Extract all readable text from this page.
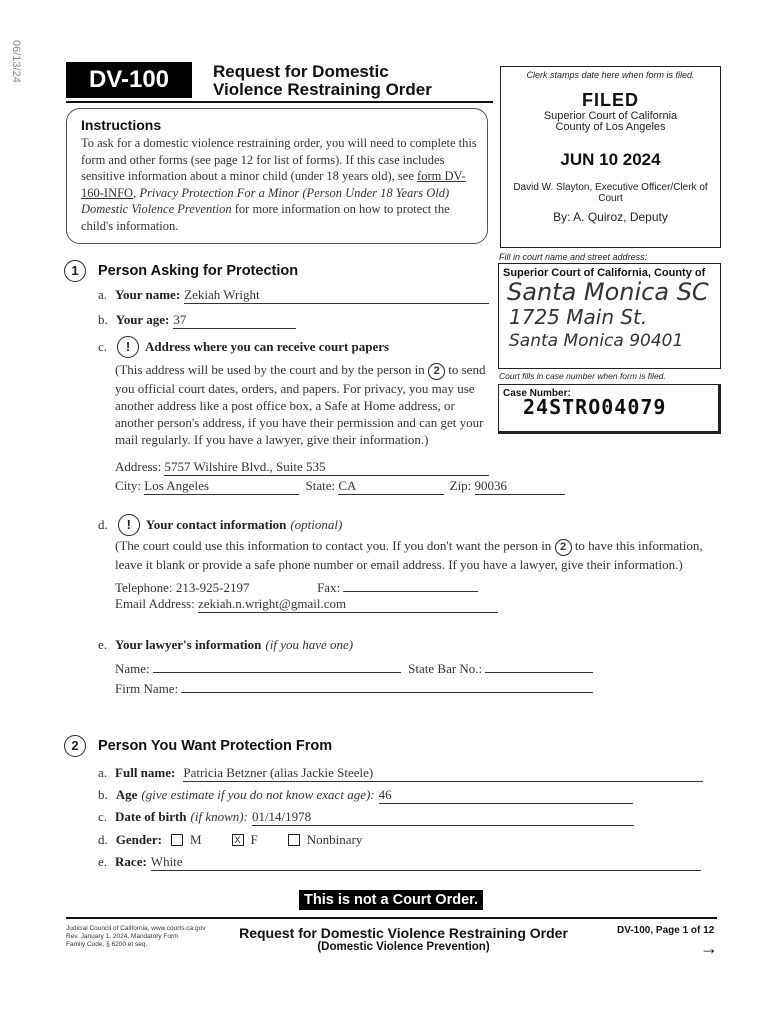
06/13/24	DV-100	Request for Domestic
Violence Restraining Order
Clerk stamps date here when form is filed.
FILED
Superior Court of California
County of Los Angeles
JUN 10 2024
David W. Slayton, Executive Officer/Clerk of Court
By: A. Quiroz, Deputy
Instructions
To ask for a domestic violence restraining order, you will need to complete this form and other forms (see page 12 for list of forms). If this case includes sensitive information about a minor child (under 18 years old), see form DV-160-INFO, Privacy Protection For a Minor (Person Under 18 Years Old) Domestic Violence Prevention for more information on how to protect the child's information.
Fill in court name and street address:
Superior Court of California, County of
Santa Monica SC
1725 Main St.
Santa Monica 90401
Court fills in case number when form is filed.
Case Number:
24STRO04079
1 Person Asking for Protection
a. Your name: Zekiah Wright
b. Your age: 37
c. ! Address where you can receive court papers
(This address will be used by the court and by the person in 2 to send you official court dates, orders, and papers. For privacy, you may use another address like a post office box, a Safe at Home address, or another person's address, if you have their permission and can get your mail regularly. If you have a lawyer, give their information.)
Address: 5757 Wilshire Blvd., Suite 535
City: Los Angeles	State: CA	Zip: 90036
d. ! Your contact information (optional)
(The court could use this information to contact you. If you don't want the person in 2 to have this information, leave it blank or provide a safe phone number or email address. If you have a lawyer, give their information.)
Telephone: 213-925-2197	Fax:
Email Address: zekiah.n.wright@gmail.com
e. Your lawyer's information (if you have one)
Name:	State Bar No.:
Firm Name:
2 Person You Want Protection From
a. Full name: Patricia Betzner (alias Jackie Steele)
b. Age (give estimate if you do not know exact age): 46
c. Date of birth (if known): 01/14/1978
d. Gender: M	X F	Nonbinary
e. Race: White
This is not a Court Order.
Judicial Council of California, www.courts.ca.gov
Rev. January 1, 2024, Mandatory Form
Family Code, § 6200 et seq.
Request for Domestic Violence Restraining Order
(Domestic Violence Prevention)
DV-100, Page 1 of 12
→
